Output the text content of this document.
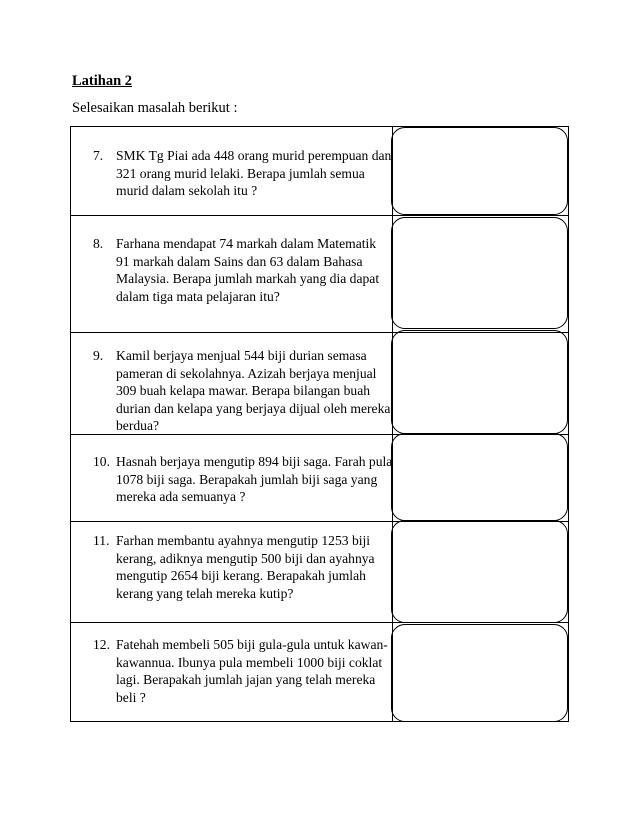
Latihan 2
Selesaikan masalah berikut :
7. SMK Tg Piai ada 448 orang murid perempuan dan 321 orang murid lelaki. Berapa jumlah semua murid dalam sekolah itu ?
8. Farhana mendapat 74 markah dalam Matematik 91 markah dalam Sains dan 63 dalam Bahasa Malaysia. Berapa jumlah markah yang dia dapat dalam tiga mata pelajaran itu?
9. Kamil berjaya menjual 544 biji durian semasa pameran di sekolahnya. Azizah berjaya menjual 309 buah kelapa mawar. Berapa bilangan buah durian dan kelapa yang berjaya dijual oleh mereka berdua?
10. Hasnah berjaya mengutip 894 biji saga. Farah pula 1078 biji saga. Berapakah jumlah biji saga yang mereka ada semuanya ?
11. Farhan membantu ayahnya mengutip 1253 biji kerang, adiknya mengutip 500 biji dan ayahnya mengutip 2654 biji kerang. Berapakah jumlah kerang yang telah mereka kutip?
12. Fatehah membeli 505 biji gula-gula untuk kawan-kawannua. Ibunya pula membeli 1000 biji coklat lagi. Berapakah jumlah jajan yang telah mereka beli ?
